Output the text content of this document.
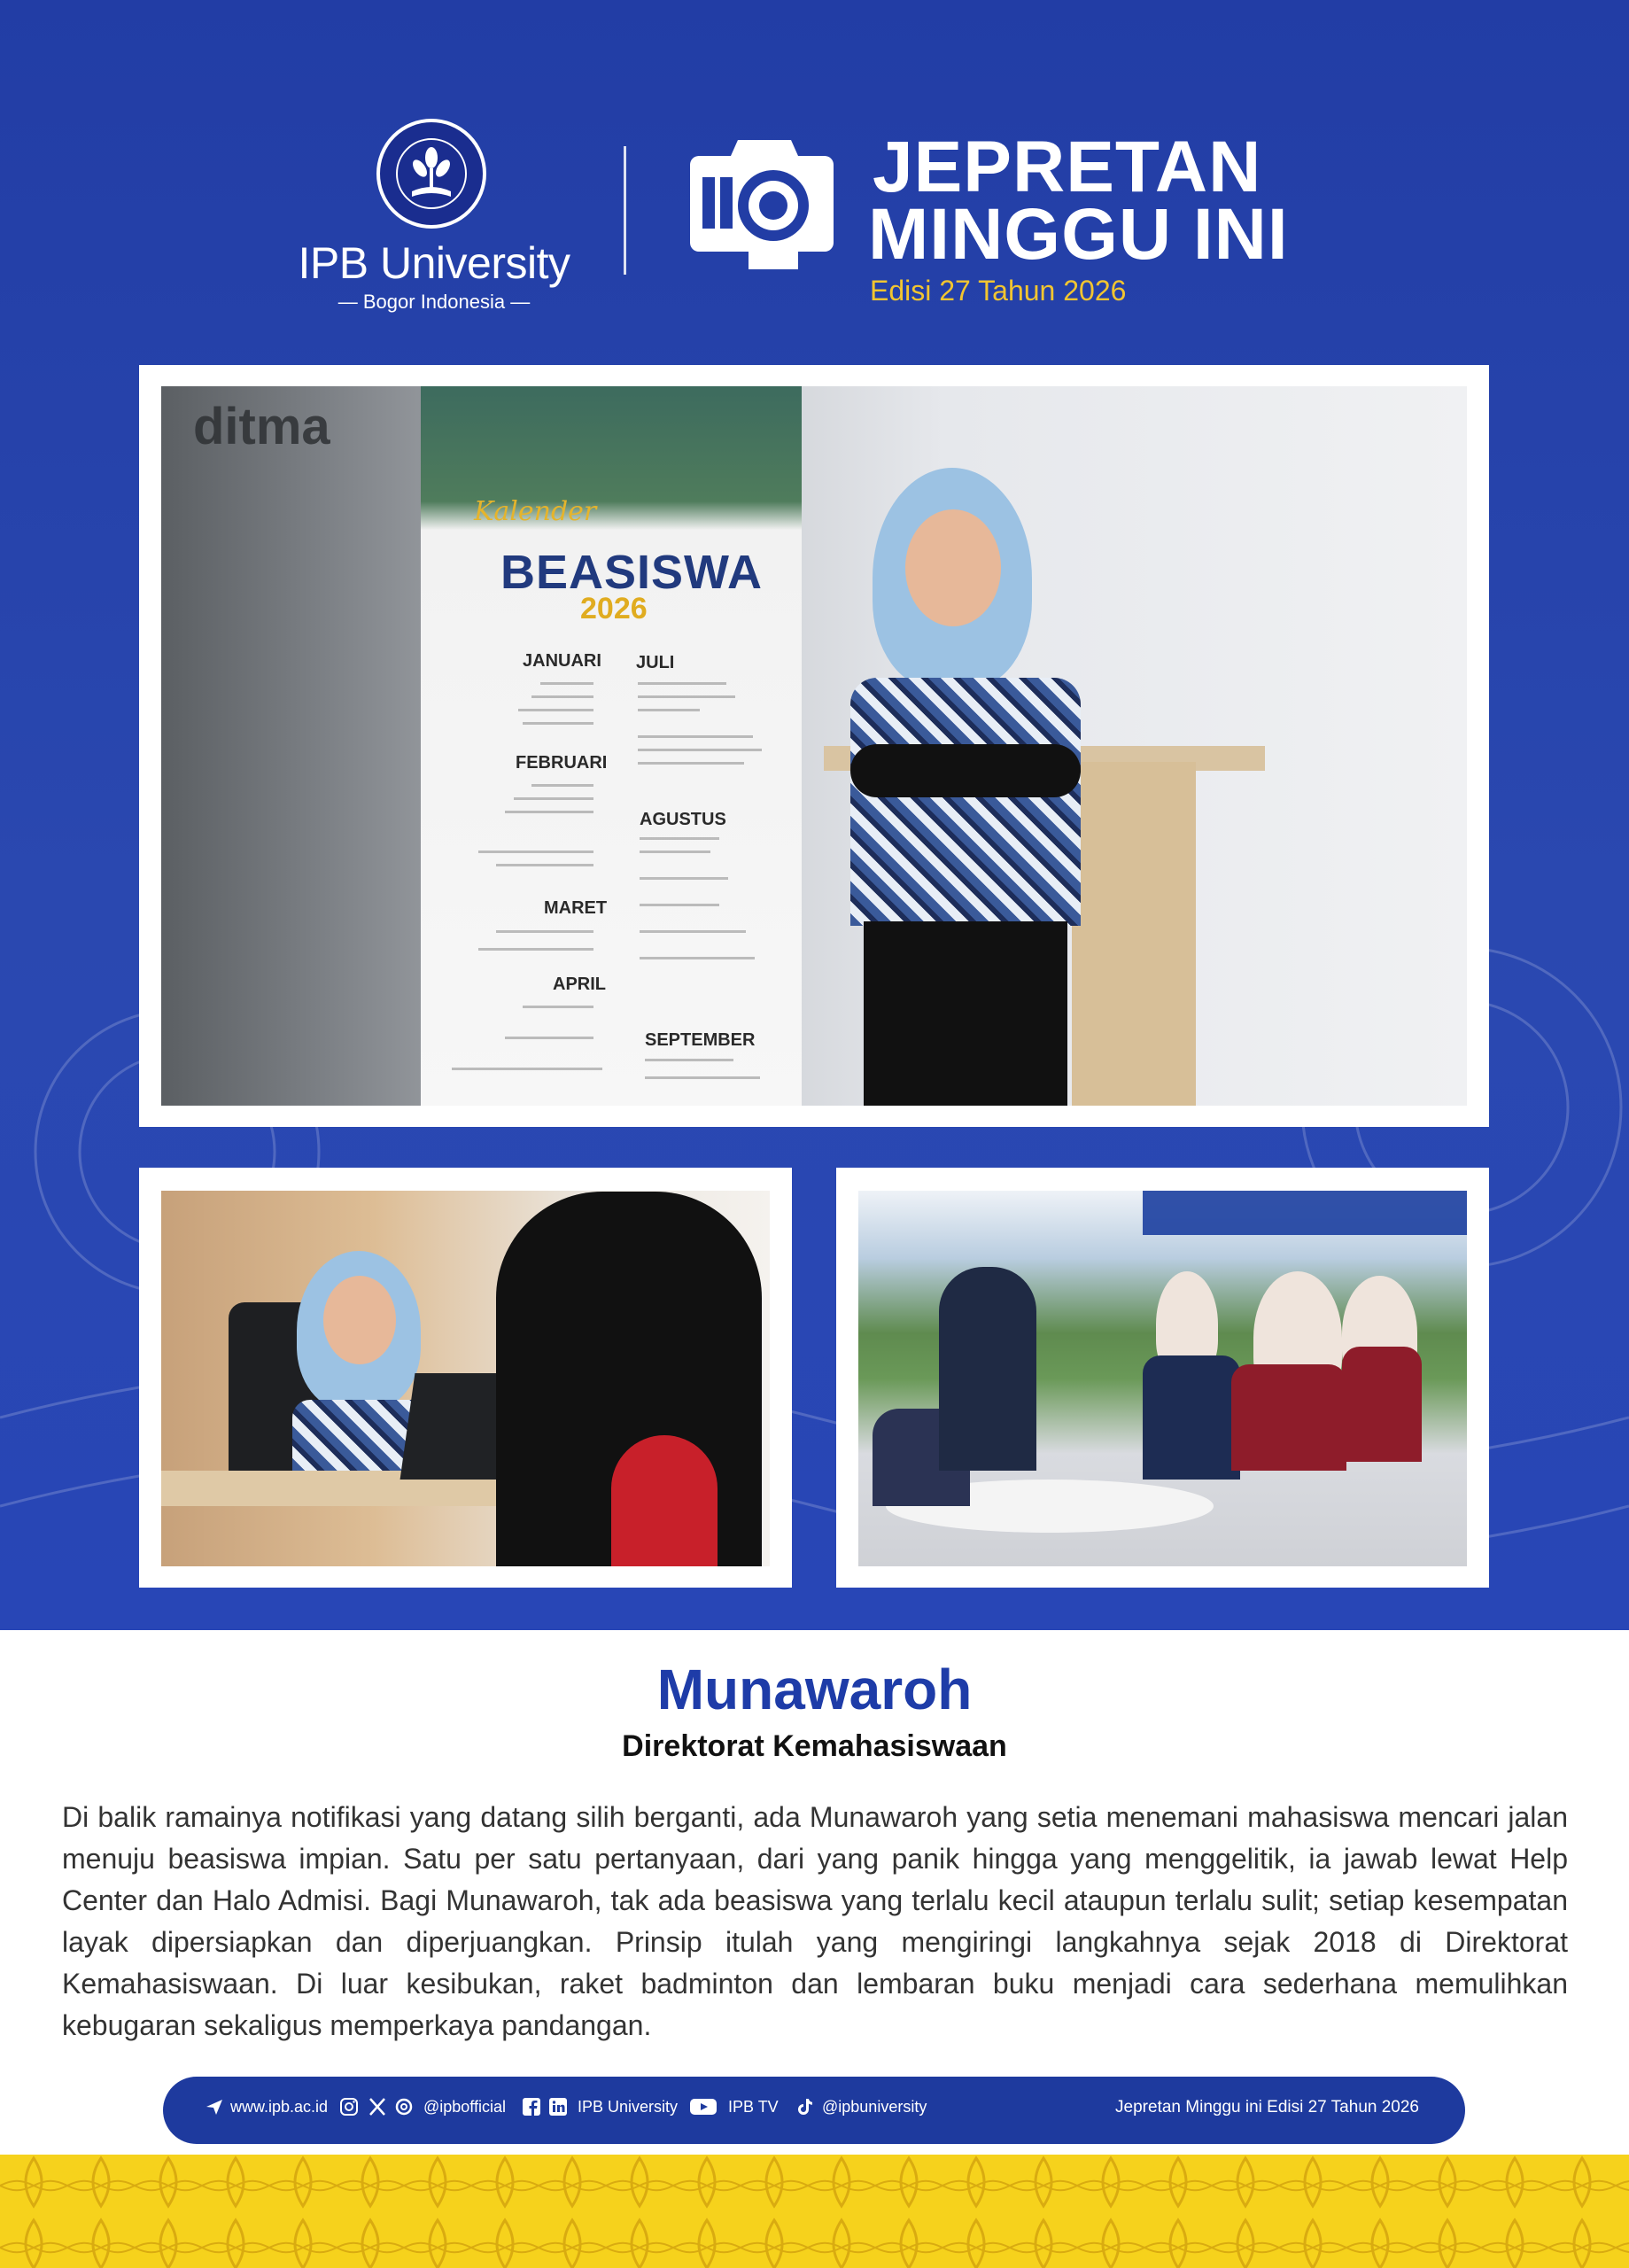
IPB University
— Bogor Indonesia —
JEPRETAN
MINGGU INI
Edisi 27 Tahun 2026
ditma
Kalender
BEASISWA
2026
JANUARI JULI
FEBRUARI
AGUSTUS
MARET
APRIL
SEPTEMBER
Munawaroh
Direktorat Kemahasiswaan
Di balik ramainya notifikasi yang datang silih berganti, ada Munawaroh yang setia menemani mahasiswa mencari jalan menuju beasiswa impian. Satu per satu pertanyaan, dari yang panik hingga yang menggelitik, ia jawab lewat Help Center dan Halo Admisi. Bagi Munawaroh, tak ada beasiswa yang terlalu kecil ataupun terlalu sulit; setiap kesempatan layak dipersiapkan dan diperjuangkan. Prinsip itulah yang mengiringi langkahnya sejak 2018 di Direktorat Kemahasiswaan. Di luar kesibukan, raket badminton dan lembaran buku menjadi cara sederhana memulihkan kebugaran sekaligus memperkaya pandangan.
www.ipb.ac.id	@ipbofficial	IPB University	IPB TV	@ipbuniversity	Jepretan Minggu ini Edisi 27 Tahun 2026
